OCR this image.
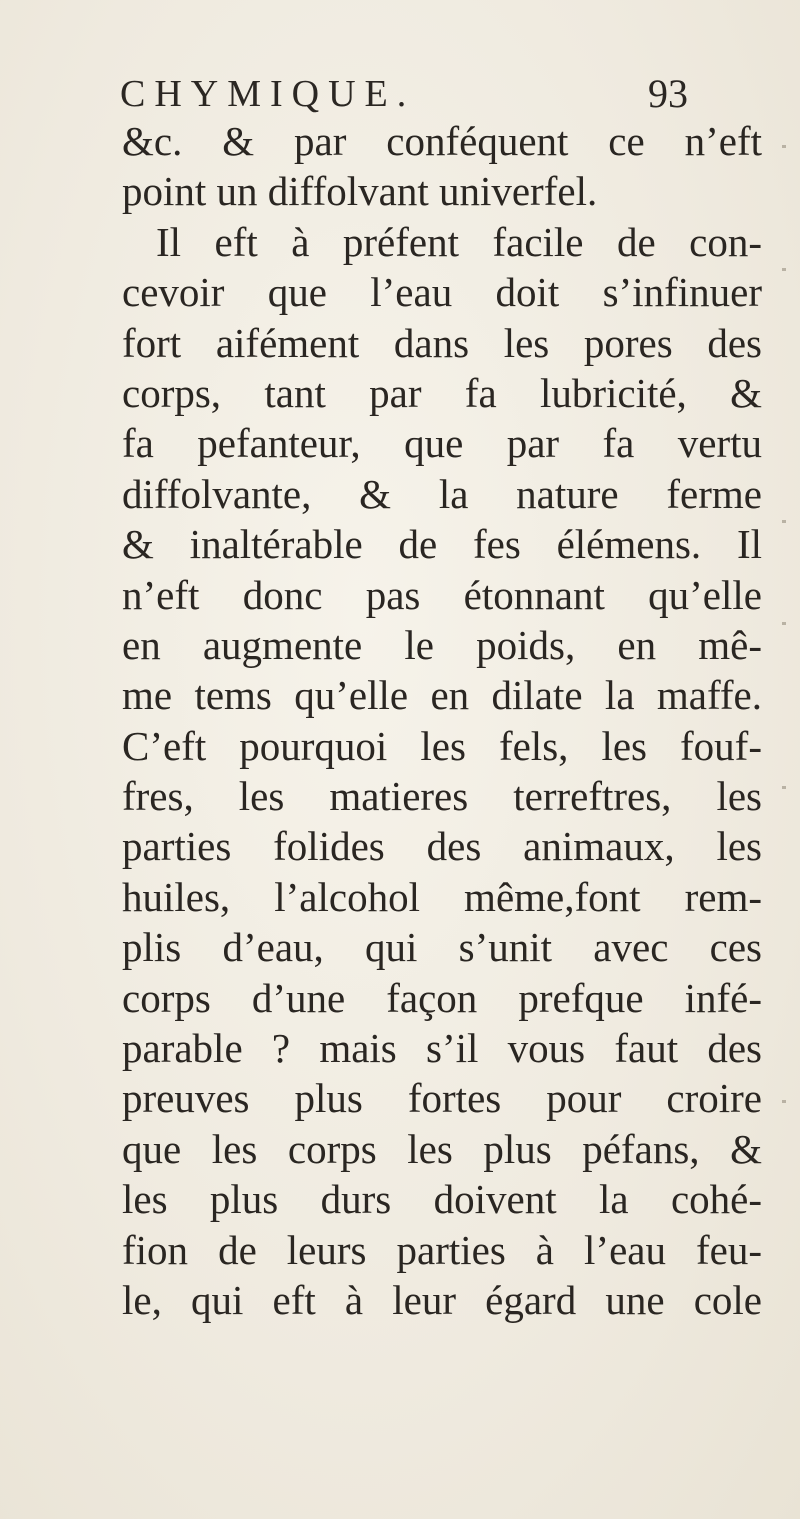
CHYMIQUE.	93
&c. & par conféquent ce n’eft
point un diffolvant univerfel.
Il eft à préfent facile de con-
cevoir que l’eau doit s’infinuer
fort aifément dans les pores des
corps, tant par fa lubricité, &
fa pefanteur, que par fa vertu
diffolvante, & la nature ferme
& inaltérable de fes élémens. Il
n’eft donc pas étonnant qu’elle
en augmente le poids, en mê-
me tems qu’elle en dilate la maffe.
C’eft pourquoi les fels, les fouf-
fres, les matieres terreftres, les
parties folides des animaux, les
huiles, l’alcohol même,font rem-
plis d’eau, qui s’unit avec ces
corps d’une façon prefque infé-
parable ? mais s’il vous faut des
preuves plus fortes pour croire
que les corps les plus péfans, &
les plus durs doivent la cohé-
fion de leurs parties à l’eau feu-
le, qui eft à leur égard une cole
